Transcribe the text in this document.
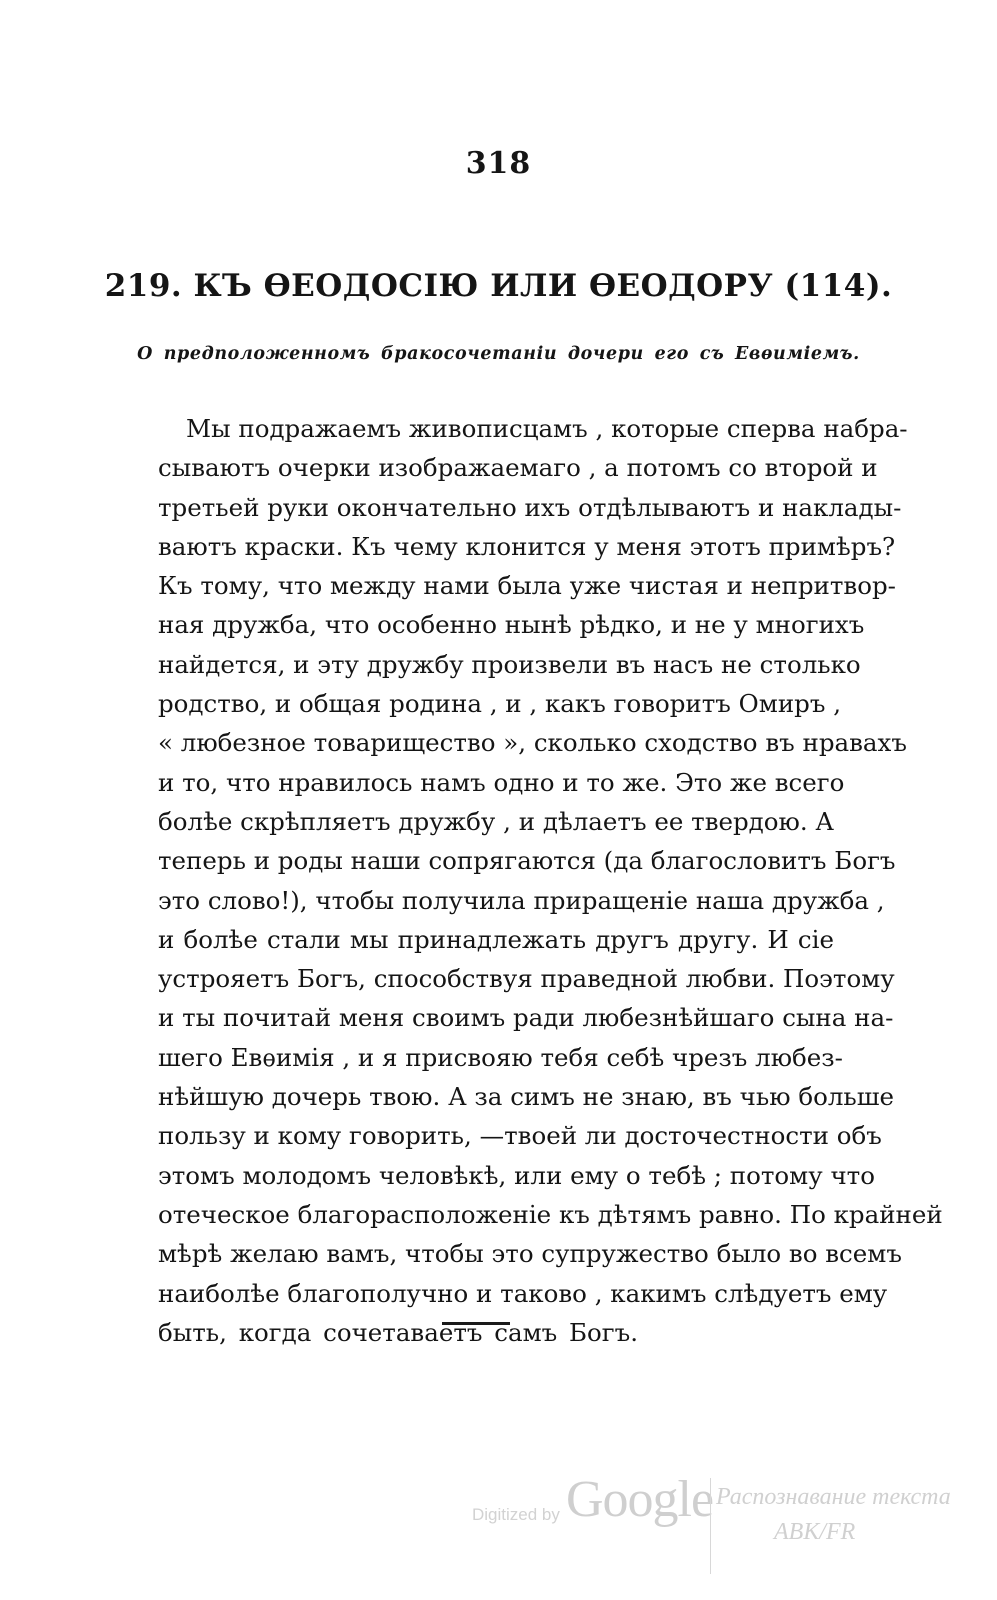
318
219. КЪ ѲЕОДОСІЮ ИЛИ ѲЕОДОРУ (114).
О предположенномъ бракосочетаніи дочери его съ Евѳиміемъ.
Мы подражаемъ живописцамъ , которые сперва набра-
сываютъ очерки изображаемаго , а потомъ со второй и
третьей руки окончательно ихъ отдѣлываютъ и наклады-
ваютъ краски. Къ чему клонится у меня этотъ примѣръ?
Къ тому, что между нами была уже чистая и непритвор-
ная дружба, что особенно нынѣ рѣдко, и не у многихъ
найдется, и эту дружбу произвели въ насъ не столько
родство, и общая родина , и , какъ говоритъ Омиръ ,
« любезное товарищество », сколько сходство въ нравахъ
и то, что нравилось намъ одно и то же. Это же всего
болѣе скрѣпляетъ дружбу , и дѣлаетъ ее твердою. А
теперь и роды наши сопрягаются (да благословитъ Богъ
это слово!), чтобы получила приращеніе наша дружба ,
и болѣе стали мы принадлежать другъ другу. И сіе
устрояетъ Богъ, способствуя праведной любви. Поэтому
и ты почитай меня своимъ ради любезнѣйшаго сына на-
шего Евѳимія , и я присвояю тебя себѣ чрезъ любез-
нѣйшую дочерь твою. А за симъ не знаю, въ чью больше
пользу и кому говорить, —твоей ли досточестности объ
этомъ молодомъ человѣкѣ, или ему о тебѣ ; потому что
отеческое благорасположеніе къ дѣтямъ равно. По крайней
мѣрѣ желаю вамъ, чтобы это супружество было во всемъ
наиболѣе благополучно и таково , какимъ слѣдуетъ ему
быть, когда сочетаваетъ самъ Богъ.
Digitized by Google Распознавание текста
ABK/FR
